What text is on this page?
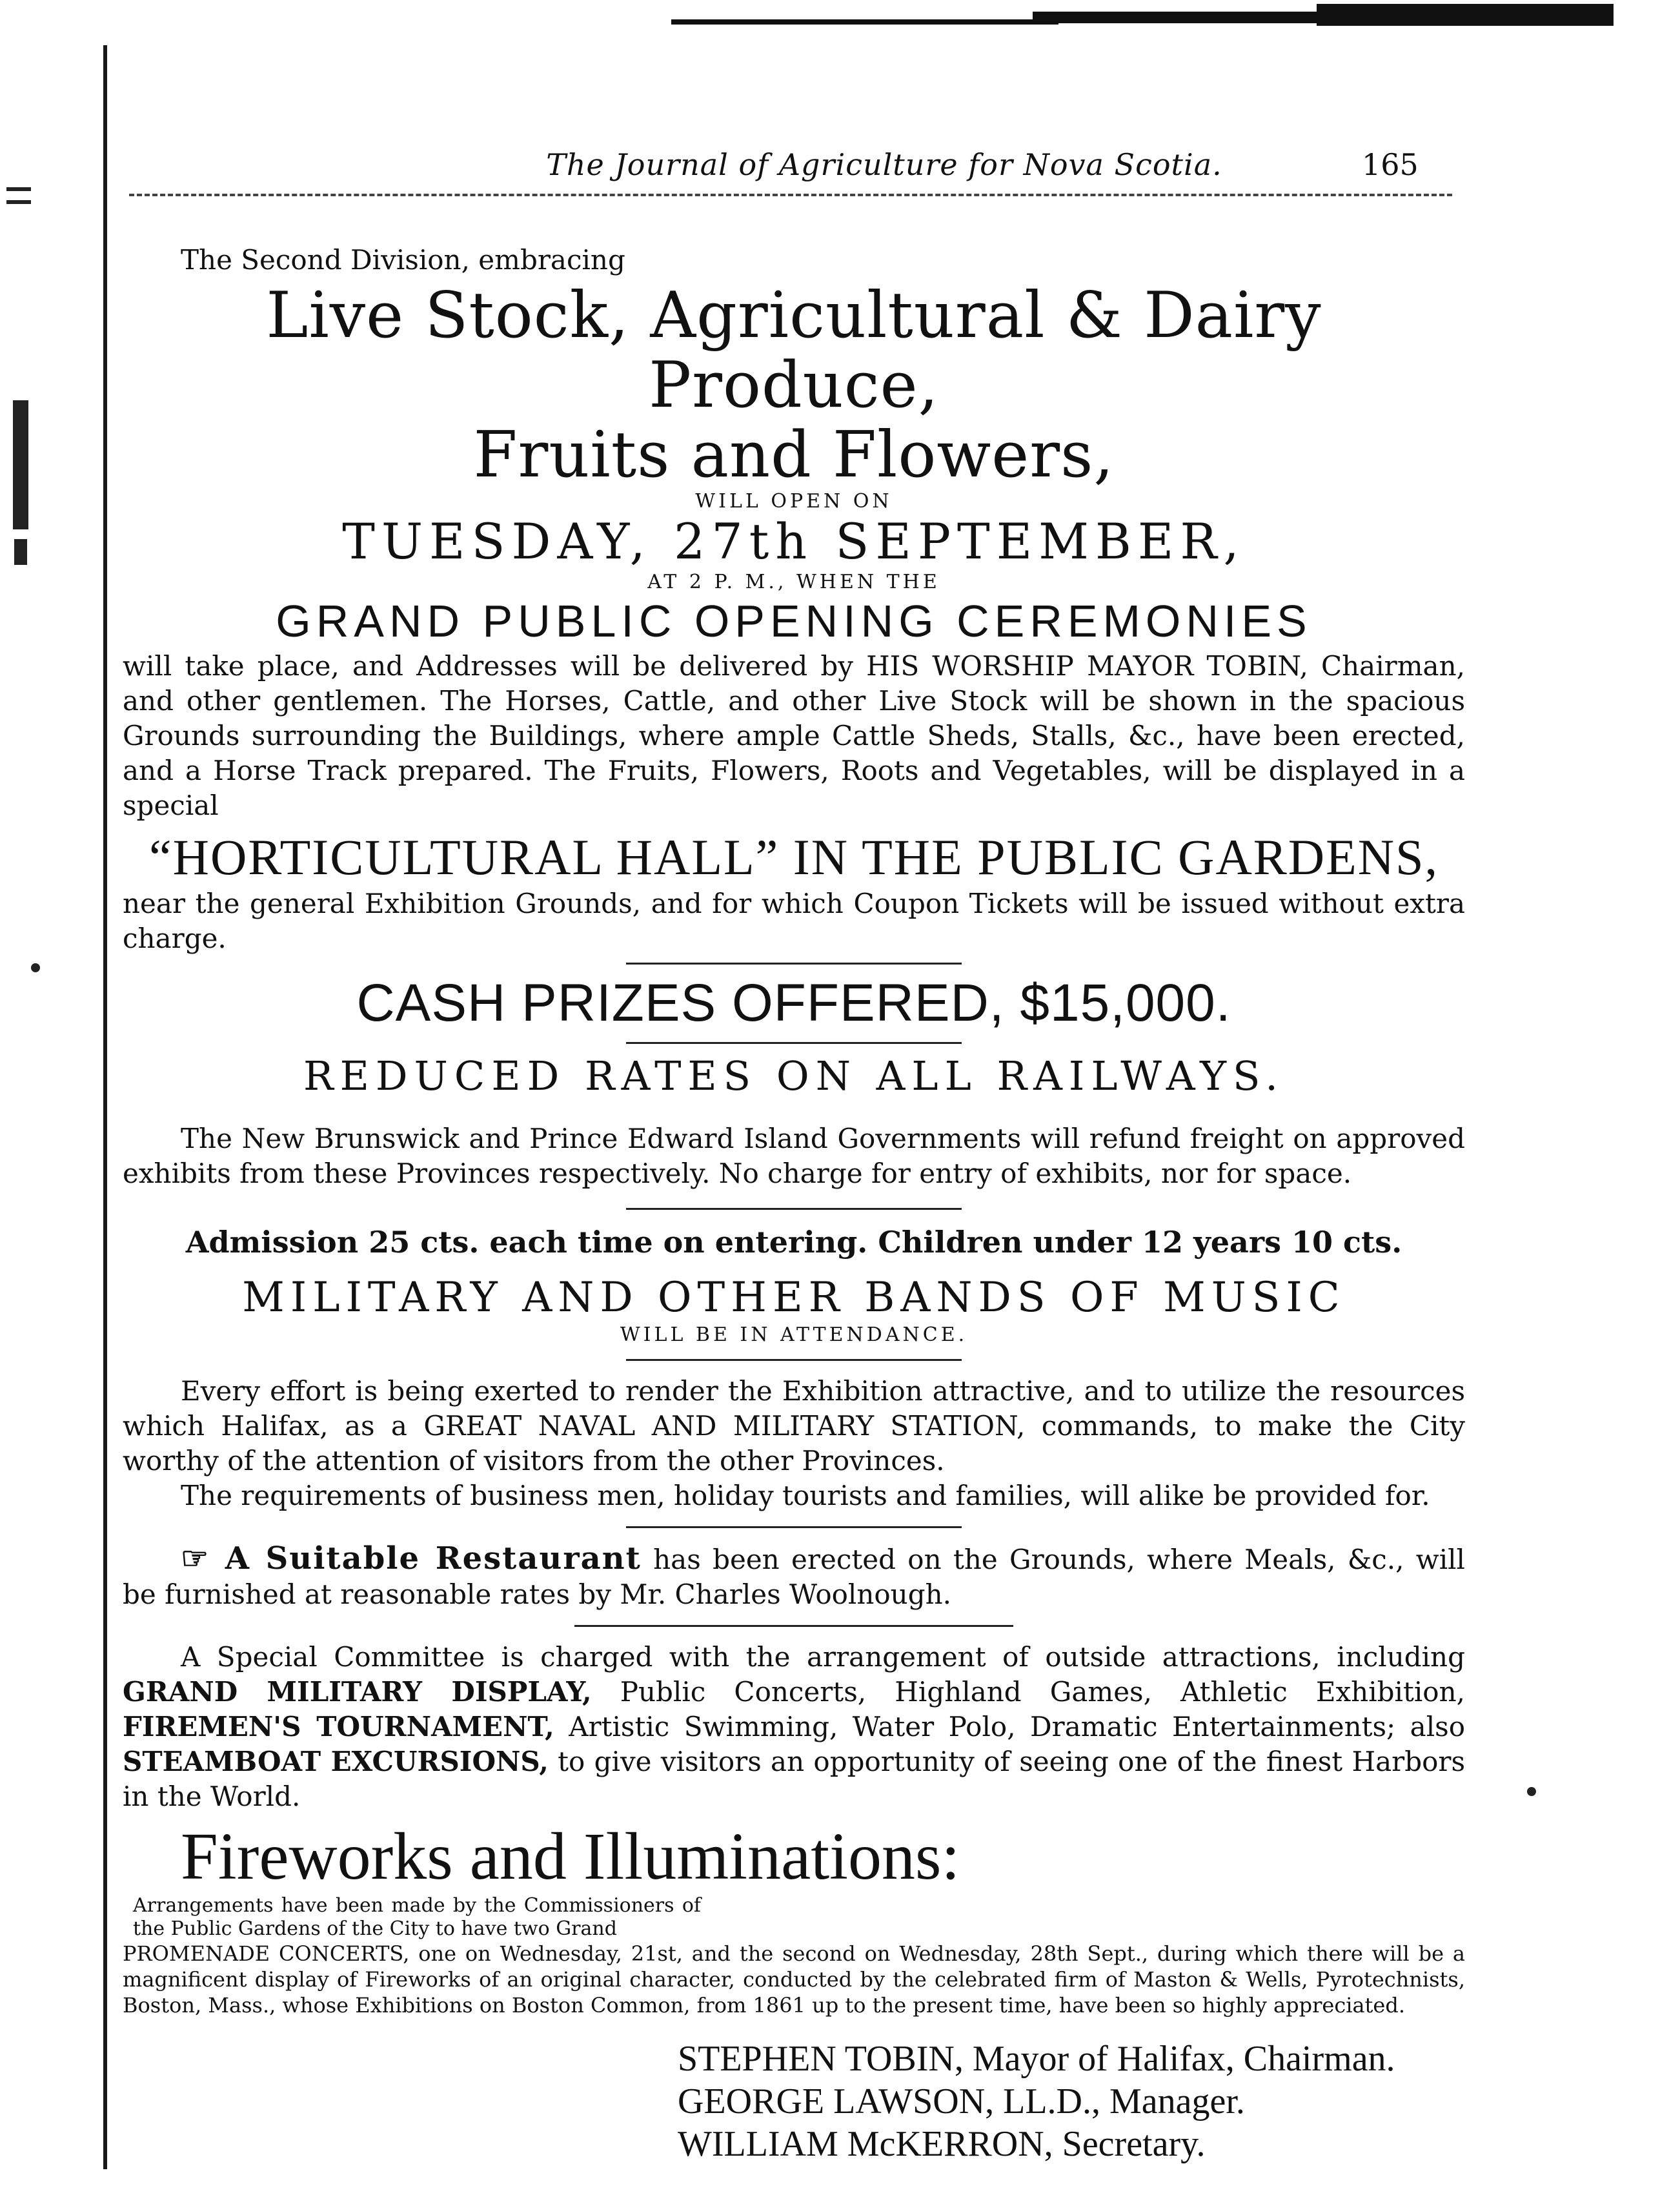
The Journal of Agriculture for Nova Scotia.	165

The Second Division, embracing

Live Stock, Agricultural & Dairy Produce,

Fruits and Flowers,

WILL OPEN ON

TUESDAY, 27th SEPTEMBER,

AT 2 P. M., WHEN THE

GRAND PUBLIC OPENING CEREMONIES

will take place, and Addresses will be delivered by HIS WORSHIP MAYOR TOBIN, Chairman, and other gentlemen. The Horses, Cattle, and other Live Stock will be shown in the spacious Grounds surrounding the Buildings, where ample Cattle Sheds, Stalls, &c., have been erected, and a Horse Track prepared. The Fruits, Flowers, Roots and Vegetables, will be displayed in a special

“HORTICULTURAL HALL” IN THE PUBLIC GARDENS,

near the general Exhibition Grounds, and for which Coupon Tickets will be issued without extra charge.

CASH PRIZES OFFERED, $15,000.

REDUCED RATES ON ALL RAILWAYS.

The New Brunswick and Prince Edward Island Governments will refund freight on approved exhibits from these Provinces respectively. No charge for entry of exhibits, nor for space.

Admission 25 cts. each time on entering. Children under 12 years 10 cts.

MILITARY AND OTHER BANDS OF MUSIC

WILL BE IN ATTENDANCE.

Every effort is being exerted to render the Exhibition attractive, and to utilize the resources which Halifax, as a GREAT NAVAL AND MILITARY STATION, commands, to make the City worthy of the attention of visitors from the other Provinces.

The requirements of business men, holiday tourists and families, will alike be provided for.

☞ A Suitable Restaurant has been erected on the Grounds, where Meals, &c., will be furnished at reasonable rates by Mr. Charles Woolnough.

A Special Committee is charged with the arrangement of outside attractions, including GRAND MILITARY DISPLAY, Public Concerts, Highland Games, Athletic Exhibition, FIREMEN'S TOURNAMENT, Artistic Swimming, Water Polo, Dramatic Entertainments; also STEAMBOAT EXCURSIONS, to give visitors an opportunity of seeing one of the finest Harbors in the World.

Fireworks and Illuminations: Arrangements have been made by the Commissioners of the Public Gardens of the City to have two Grand

PROMENADE CONCERTS, one on Wednesday, 21st, and the second on Wednesday, 28th Sept., during which there will be a magnificent display of Fireworks of an original character, conducted by the celebrated firm of Maston & Wells, Pyrotechnists, Boston, Mass., whose Exhibitions on Boston Common, from 1861 up to the present time, have been so highly appreciated.

STEPHEN TOBIN, Mayor of Halifax, Chairman.

GEORGE LAWSON, LL.D., Manager.

WILLIAM McKERRON, Secretary.
